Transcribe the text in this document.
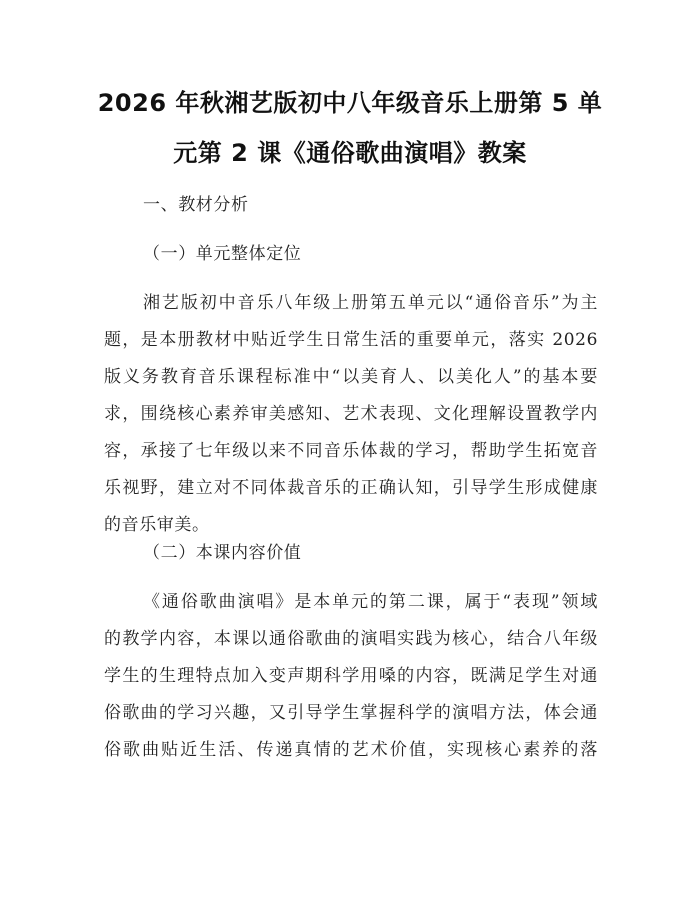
2026 年秋湘艺版初中八年级音乐上册第 5 单
元第 2 课《通俗歌曲演唱》教案

一、教材分析

（一）单元整体定位

湘艺版初中音乐八年级上册第五单元以“通俗音乐”为主
题，是本册教材中贴近学生日常生活的重要单元，落实 2026
版义务教育音乐课程标准中“以美育人、以美化人”的基本要
求，围绕核心素养审美感知、艺术表现、文化理解设置教学内
容，承接了七年级以来不同音乐体裁的学习，帮助学生拓宽音
乐视野，建立对不同体裁音乐的正确认知，引导学生形成健康
的音乐审美。

（二）本课内容价值

《通俗歌曲演唱》是本单元的第二课，属于“表现”领域
的教学内容，本课以通俗歌曲的演唱实践为核心，结合八年级
学生的生理特点加入变声期科学用嗓的内容，既满足学生对通
俗歌曲的学习兴趣，又引导学生掌握科学的演唱方法，体会通
俗歌曲贴近生活、传递真情的艺术价值，实现核心素养的落
